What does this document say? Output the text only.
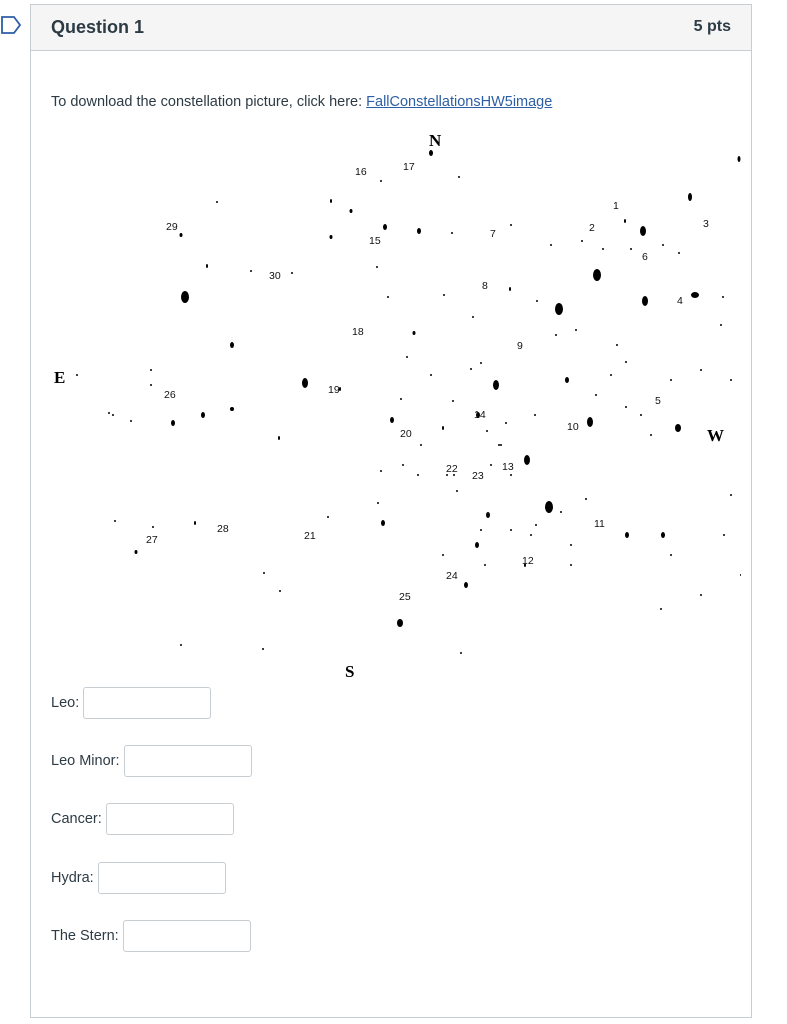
Question 1	5 pts
To download the constellation picture, click here: FallConstellationsHW5image
1
2	3
4
5
6
7
8
9
10
11
12
13
14
15
16	17
18
19
20
21
22
23
24
25
26
27
28
29
30
N
S
E
W
Leo:
Leo Minor:
Cancer:
Hydra:
The Stern:
